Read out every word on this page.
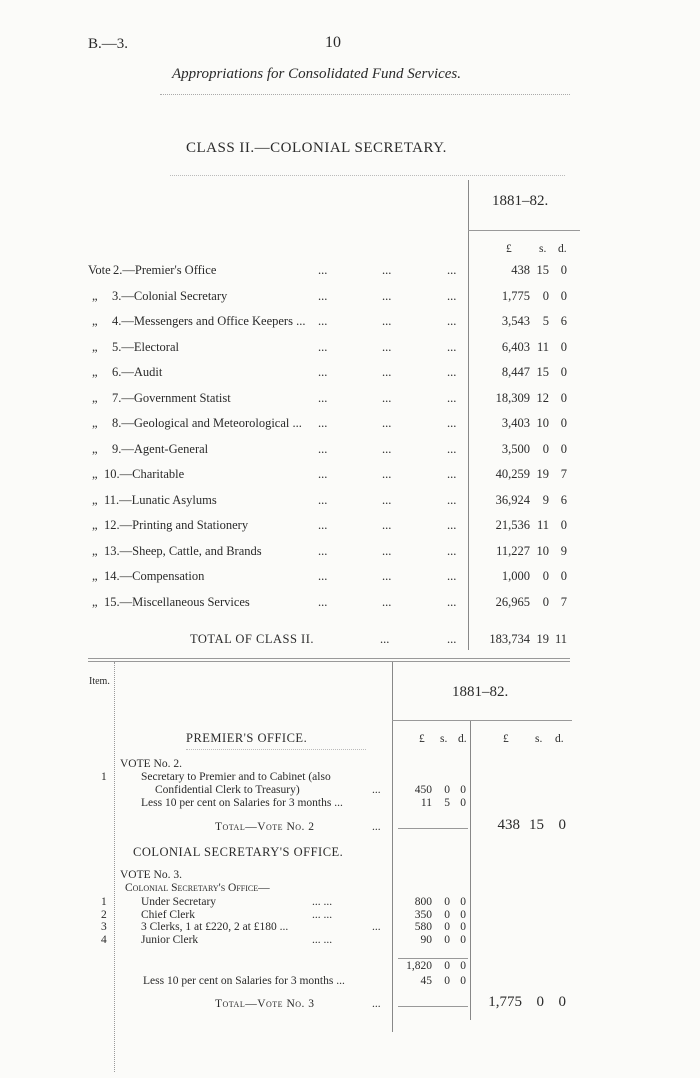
B.—3.	10
Appropriations for Consolidated Fund Services.
CLASS II.—COLONIAL SECRETARY.
1881–82.
£ s. d.
Vote 2.—Premier's Office	...	...	...	438 15 0
„ 3.—Colonial Secretary	...	...	...	1,775	0 0
„ 4.—Messengers and Office Keepers ... ...	...	...	3,543	5 6
„ 5.—Electoral	...	...	...	6,403 11 0
„ 6.—Audit	...	...	...	8,447 15 0
„ 7.—Government Statist	...	...	...	18,309 12 0
„ 8.—Geological and Meteorological ... ...	...	...	3,403 10 0
„ 9.—Agent-General	...	...	...	3,500	0 0
„ 10.—Charitable	...	...	...	40,259 19 7
„ 11.—Lunatic Asylums	...	...	...	36,924	9 6
„ 12.—Printing and Stationery	...	...	...	21,536 11 0
„ 13.—Sheep, Cattle, and Brands	...	...	...	11,227 10 9
„ 14.—Compensation	...	...	...	1,000	0 0
„ 15.—Miscellaneous Services	...	...	...	26,965	0 7
TOTAL OF CLASS II.	...	...	183,734 19 11
Item.
1881–82.
£ s. d.	£ s. d.
PREMIER'S OFFICE.
VOTE No. 2.
1	Secretary to Premier and to Cabinet (also
Confidential Clerk to Treasury)	...	450	0 0
Less 10 per cent on Salaries for 3 months ...	11	5 0
Total—Vote No. 2	...	438 15 0
COLONIAL SECRETARY'S OFFICE.
VOTE No. 3.
Colonial Secretary's Office—
1	Under Secretary	... ...	800	0 0
2	Chief Clerk	... ...	350	0 0
3	3 Clerks, 1 at £220, 2 at £180 ...	...	580	0 0
4	Junior Clerk	... ...	90	0 0
1,820	0 0
Less 10 per cent on Salaries for 3 months ...	45	0 0
Total—Vote No. 3	...	1,775 0 0
